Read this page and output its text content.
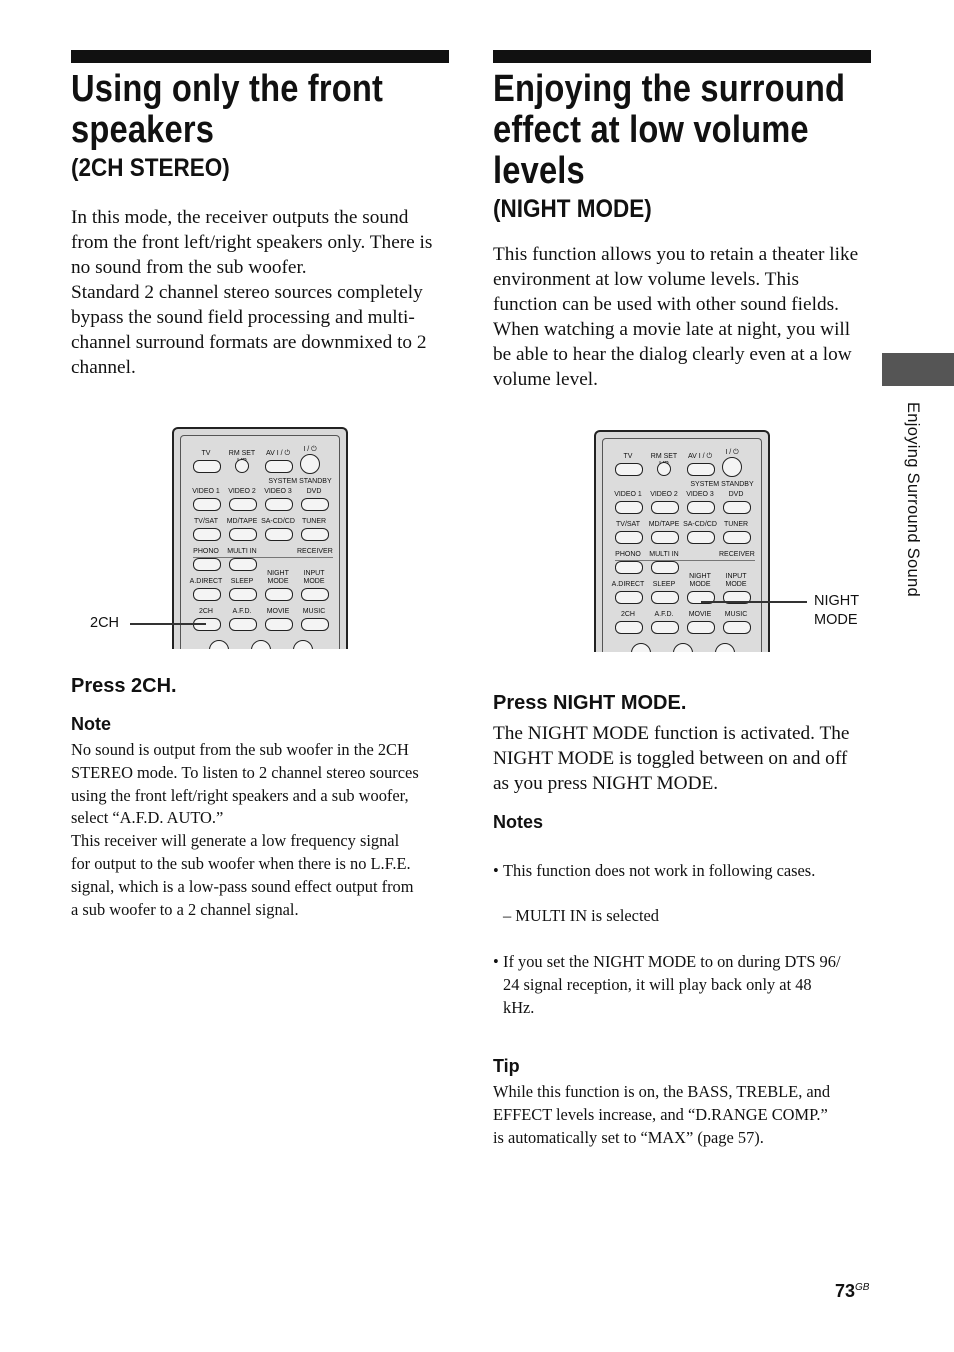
Using only the front speakers
(2CH STEREO)

In this mode, the receiver outputs the sound
from the front left/right speakers only. There is
no sound from the sub woofer.
Standard 2 channel stereo sources completely
bypass the sound field processing and multi-
channel surround formats are downmixed to 2
channel.

TV	RM SET	AV I / ⏻
I / ⏻
SYSTEM STANDBY
VIDEO 1	VIDEO 2	VIDEO 3	DVD
TV/SAT	MD/TAPE SA-CD/CD	TUNER
PHONO	MULTI IN	RECEIVER
A.DIRECT	SLEEP
NIGHT
MODE
INPUT
MODE
2CH	A.F.D.	MOVIE	MUSIC
2CH
Press 2CH.
Note

No sound is output from the sub woofer in the 2CH
STEREO mode. To listen to 2 channel stereo sources
using the front left/right speakers and a sub woofer,
select “A.F.D. AUTO.”
This receiver will generate a low frequency signal
for output to the sub woofer when there is no L.F.E.
signal, which is a low-pass sound effect output from
a sub woofer to a 2 channel signal.

Enjoying the surround effect at low volume levels
(NIGHT MODE)

This function allows you to retain a theater like
environment at low volume levels. This
function can be used with other sound fields.
When watching a movie late at night, you will
be able to hear the dialog clearly even at a low
volume level.

TV	RM SET	AV I / ⏻
I / ⏻
SYSTEM STANDBY
VIDEO 1	VIDEO 2	VIDEO 3	DVD
TV/SAT	MD/TAPE SA-CD/CD	TUNER
PHONO	MULTI IN	RECEIVER
A.DIRECT	SLEEP
NIGHT
MODE
INPUT
MODE
2CH	A.F.D.	MOVIE	MUSIC
NIGHT
MODE
Press NIGHT MODE.

The NIGHT MODE function is activated. The
NIGHT MODE is toggled between on and off
as you press NIGHT MODE.

Notes

• This function does not work in following cases.

– MULTI IN is selected

• If you set the NIGHT MODE to on during DTS 96/
24 signal reception, it will play back only at 48
kHz.

Tip

While this function is on, the BASS, TREBLE, and
EFFECT levels increase, and “D.RANGE COMP.”
is automatically set to “MAX” (page 57).

Enjoying Surround Sound
$73^{GB}$
